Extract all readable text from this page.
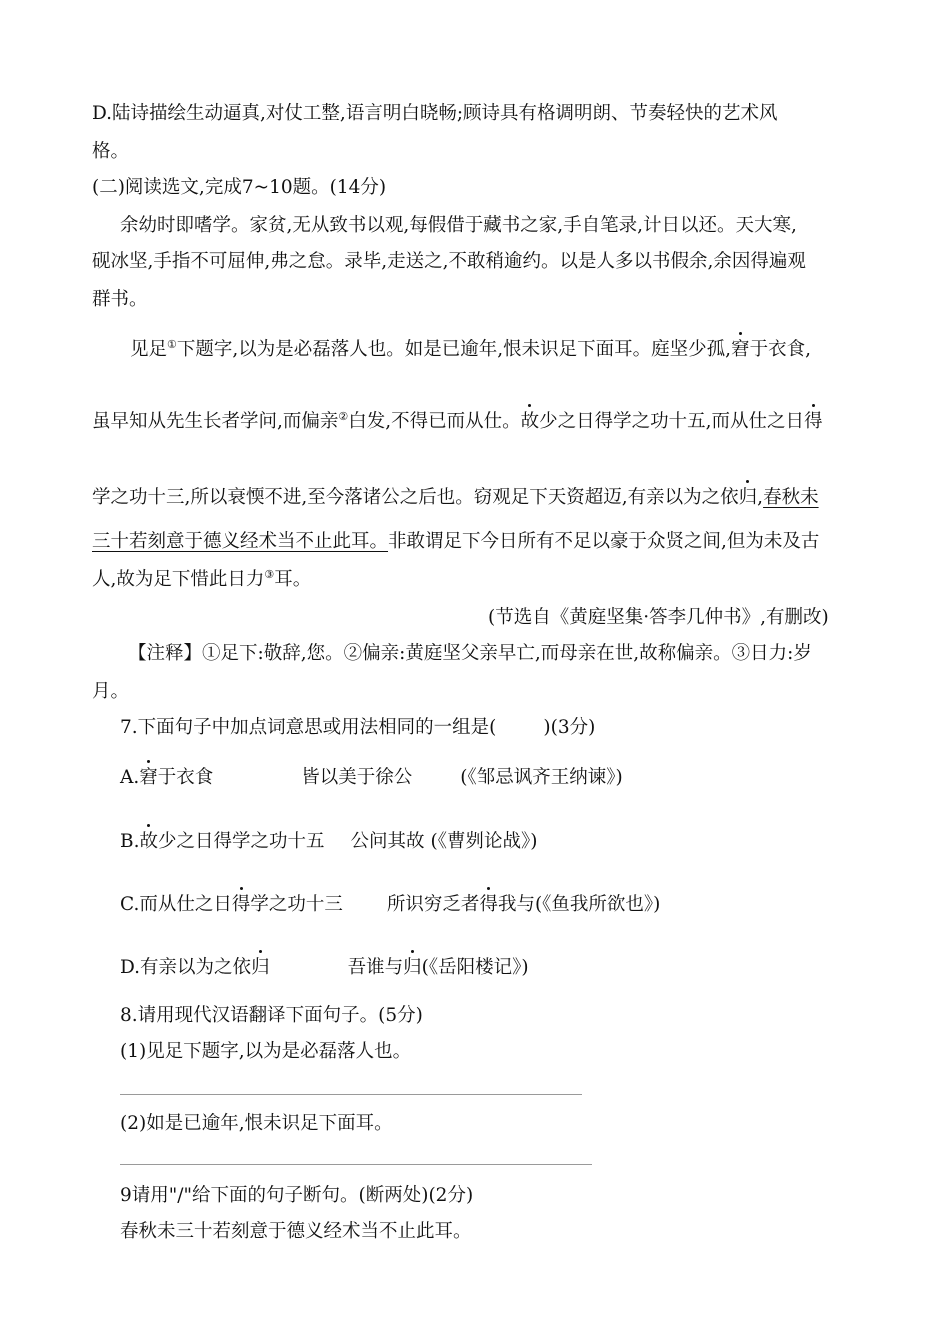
D.陆诗描绘生动逼真,对仗工整,语言明白晓畅;顾诗具有格调明朗、节奏轻快的艺术风
格。
(二)阅读选文,完成7~10题。(14分)
余幼时即嗜学。家贫,无从致书以观,每假借于藏书之家,手自笔录,计日以还。天大寒,
砚冰坚,手指不可屈伸,弗之怠。录毕,走送之,不敢稍逾约。以是人多以书假余,余因得遍观
群书。
见足①下题字,以为是必磊落人也。如是已逾年,恨未识足下面耳。庭坚少孤,窘于衣食,
虽早知从先生长者学问,而偏亲②白发,不得已而从仕。故少之日得学之功十五,而从仕之日得
学之功十三,所以衰愞不进,至今落诸公之后也。窃观足下天资超迈,有亲以为之依归,春秋未
三十若刻意于德义经术当不止此耳。非敢谓足下今日所有不足以豪于众贤之间,但为未及古
人,故为足下惜此日力③耳。
(节选自《黄庭坚集·答李几仲书》,有删改)
【注释】①足下:敬辞,您。②偏亲:黄庭坚父亲早亡,而母亲在世,故称偏亲。③日力:岁
月。
7.下面句子中加点词意思或用法相同的一组是(        )(3分)
A.窘于衣食	皆以美于徐公	(《邹忌讽齐王纳谏》)
B.故少之日得学之功十五 公问其故 (《曹刿论战》)
C.而从仕之日得学之功十三 所识穷乏者得我与(《鱼我所欲也》)
D.有亲以为之依归	吾谁与归(《岳阳楼记》)
8.请用现代汉语翻译下面句子。(5分)
(1)见足下题字,以为是必磊落人也。
(2)如是已逾年,恨未识足下面耳。
9请用"/"给下面的句子断句。(断两处)(2分)
春秋未三十若刻意于德义经术当不止此耳。
